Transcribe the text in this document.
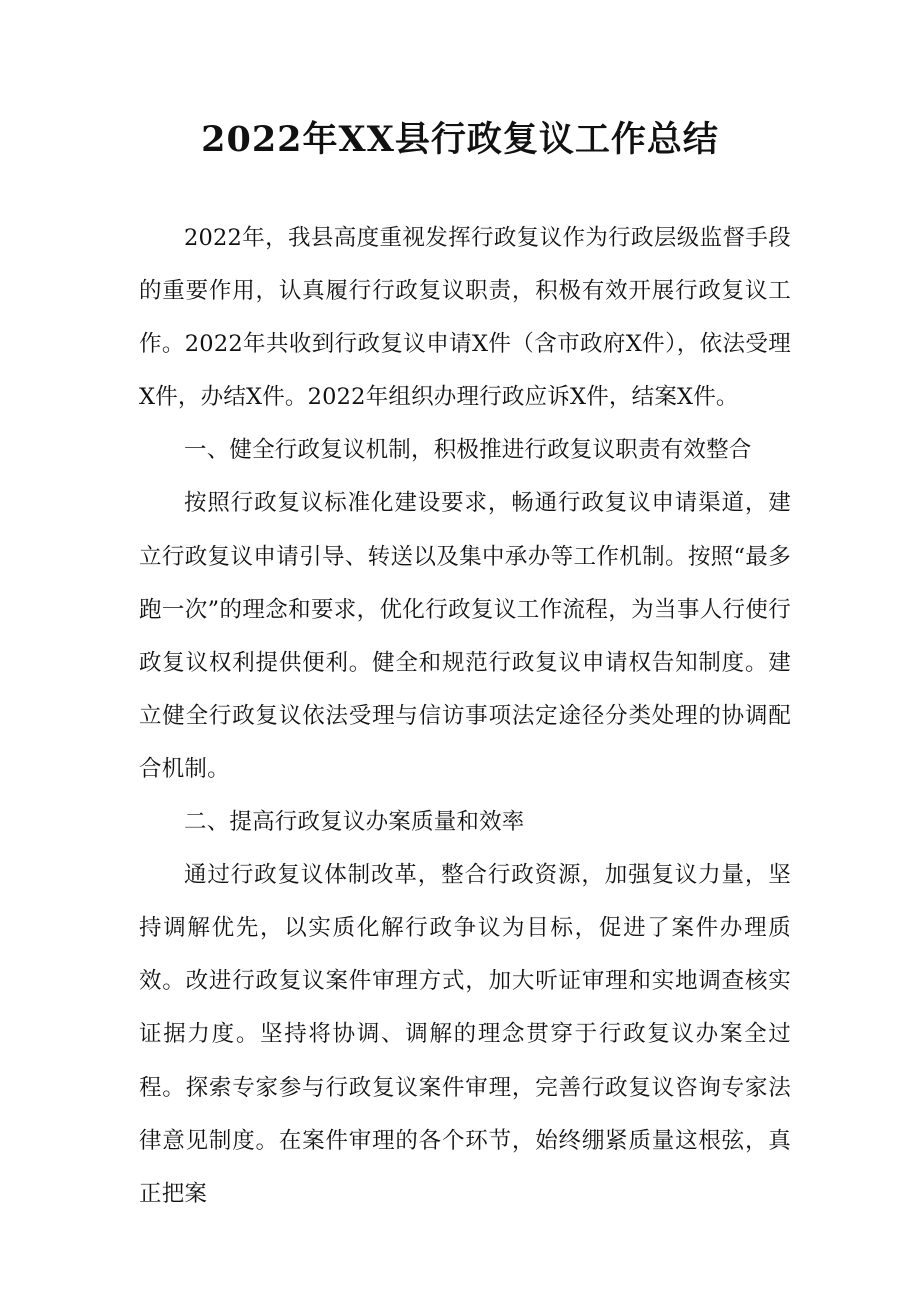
2022年XX县行政复议工作总结

2022年，我县高度重视发挥行政复议作为行政层级监督手段的重要作用，认真履行行政复议职责，积极有效开展行政复议工作。2022年共收到行政复议申请X件（含市政府X件），依法受理X件，办结X件。2022年组织办理行政应诉X件，结案X件。

一、健全行政复议机制，积极推进行政复议职责有效整合

按照行政复议标准化建设要求，畅通行政复议申请渠道，建立行政复议申请引导、转送以及集中承办等工作机制。按照“最多跑一次”的理念和要求，优化行政复议工作流程，为当事人行使行政复议权利提供便利。健全和规范行政复议申请权告知制度。建立健全行政复议依法受理与信访事项法定途径分类处理的协调配合机制。

二、提高行政复议办案质量和效率

通过行政复议体制改革，整合行政资源，加强复议力量，坚持调解优先，以实质化解行政争议为目标，促进了案件办理质效。改进行政复议案件审理方式，加大听证审理和实地调查核实证据力度。坚持将协调、调解的理念贯穿于行政复议办案全过程。探索专家参与行政复议案件审理，完善行政复议咨询专家法律意见制度。在案件审理的各个环节，始终绷紧质量这根弦，真正把案
